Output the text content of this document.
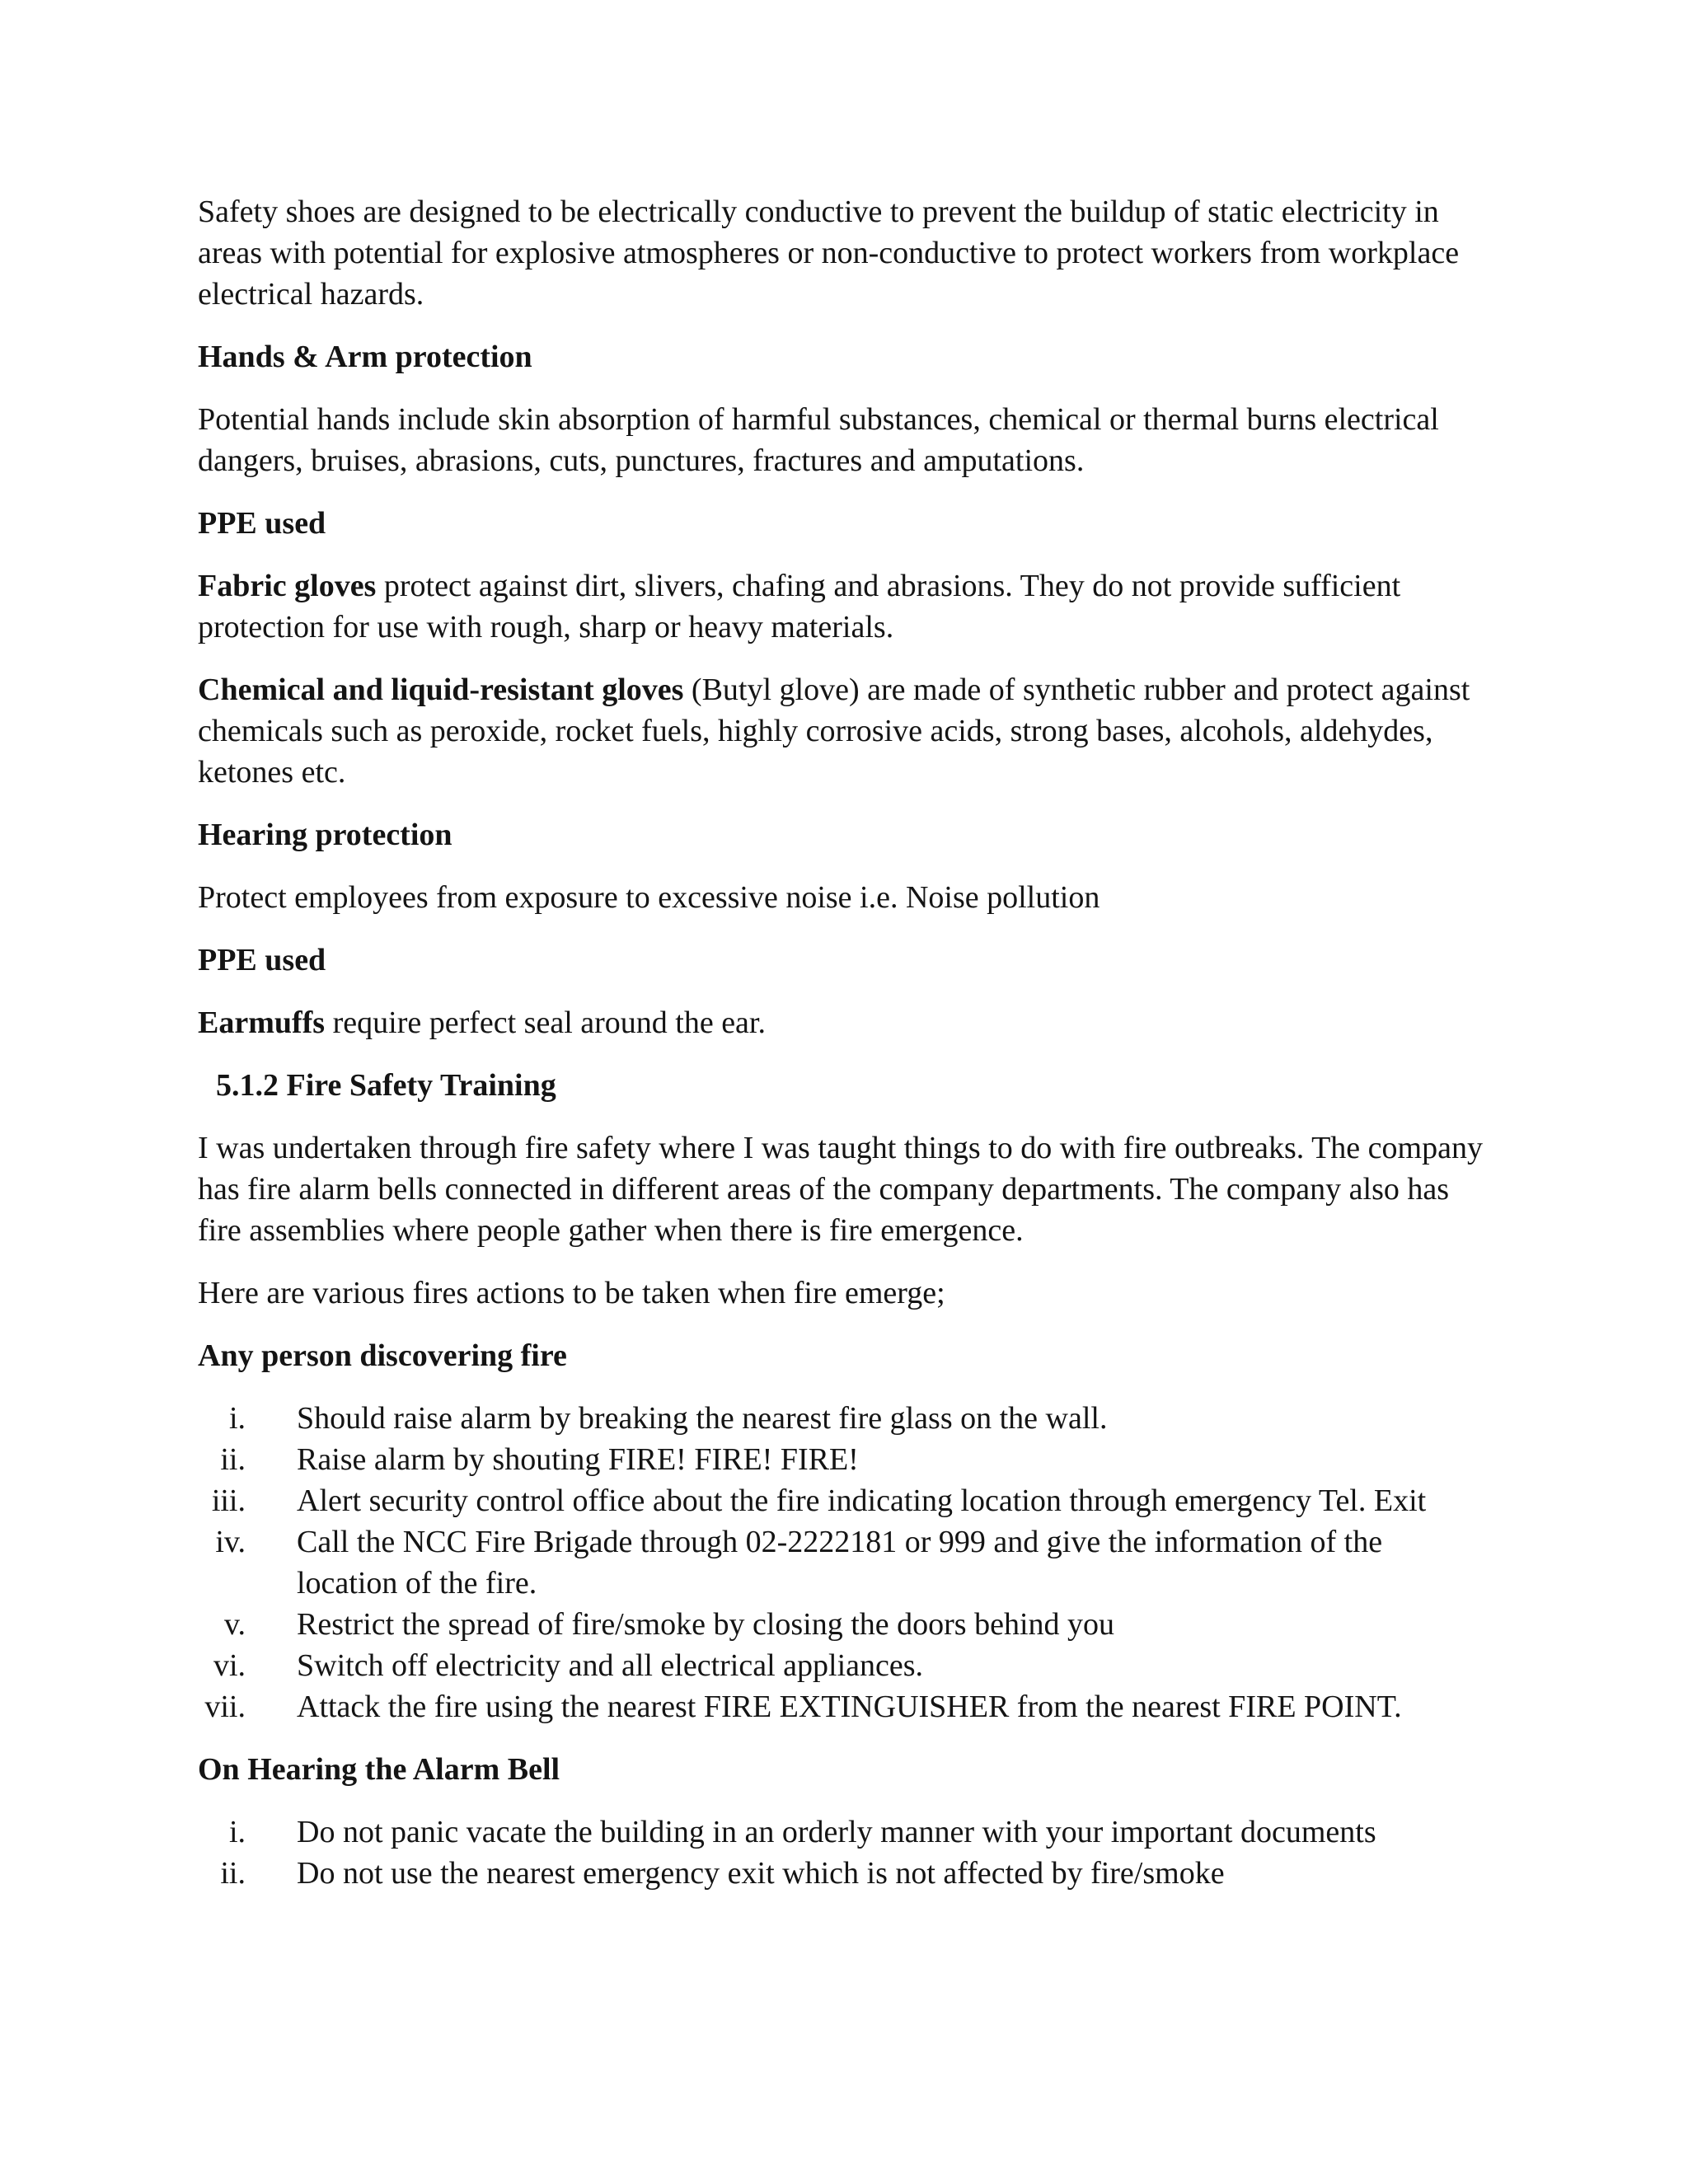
Safety shoes are designed to be electrically conductive to prevent the buildup of static electricity in areas with potential for explosive atmospheres or non-conductive to protect workers from workplace electrical hazards.

Hands & Arm protection

Potential hands include skin absorption of harmful substances, chemical or thermal burns electrical dangers, bruises, abrasions, cuts, punctures, fractures and amputations.

PPE used

Fabric gloves protect against dirt, slivers, chafing and abrasions. They do not provide sufficient protection for use with rough, sharp or heavy materials.

Chemical and liquid-resistant gloves (Butyl glove) are made of synthetic rubber and protect against chemicals such as peroxide, rocket fuels, highly corrosive acids, strong bases, alcohols, aldehydes, ketones etc.

Hearing protection

Protect employees from exposure to excessive noise i.e. Noise pollution

PPE used

Earmuffs require perfect seal around the ear.

5.1.2 Fire Safety Training

I was undertaken through fire safety where I was taught things to do with fire outbreaks. The company has fire alarm bells connected in different areas of the company departments. The company also has fire assemblies where people gather when there is fire emergence.

Here are various fires actions to be taken when fire emerge;

Any person discovering fire
i. Should raise alarm by breaking the nearest fire glass on the wall.
ii. Raise alarm by shouting FIRE! FIRE! FIRE!
iii. Alert security control office about the fire indicating location through emergency Tel. Exit
iv. Call the NCC Fire Brigade through 02-2222181 or 999 and give the information of the location of the fire.
v. Restrict the spread of fire/smoke by closing the doors behind you
vi. Switch off electricity and all electrical appliances.
vii. Attack the fire using the nearest FIRE EXTINGUISHER from the nearest FIRE POINT.
On Hearing the Alarm Bell
i. Do not panic vacate the building in an orderly manner with your important documents
ii. Do not use the nearest emergency exit which is not affected by fire/smoke
